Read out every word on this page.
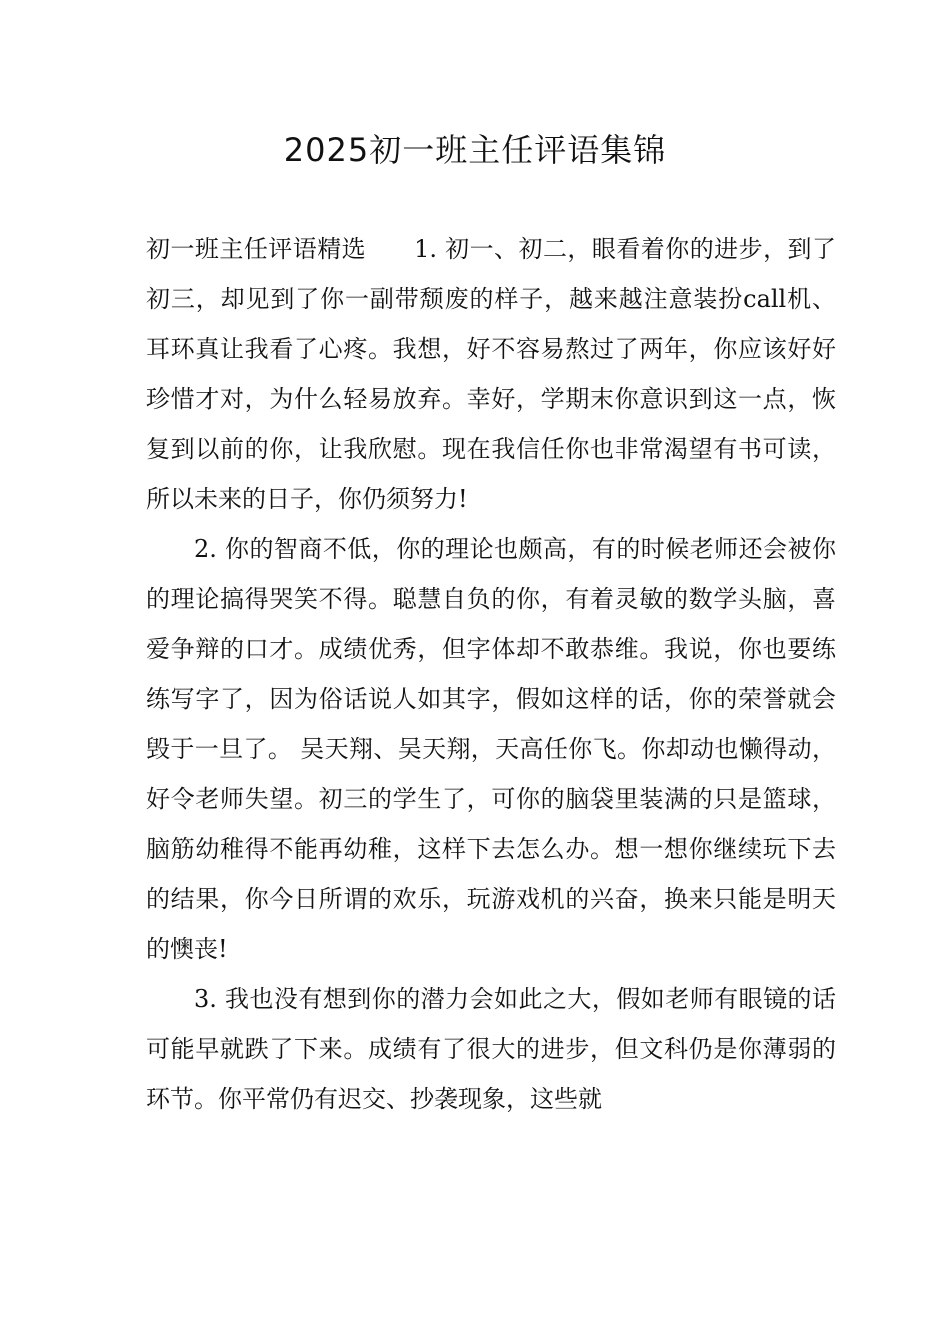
2025初一班主任评语集锦

初一班主任评语精选 1. 初一、初二，眼看着你的进步，到了初三，却见到了你一副带颓废的样子，越来越注意装扮call机、耳环真让我看了心疼。我想，好不容易熬过了两年，你应该好好珍惜才对，为什么轻易放弃。幸好，学期末你意识到这一点，恢复到以前的你，让我欣慰。现在我信任你也非常渴望有书可读，所以未来的日子，你仍须努力!

2. 你的智商不低，你的理论也颇高，有的时候老师还会被你的理论搞得哭笑不得。聪慧自负的你，有着灵敏的数学头脑，喜爱争辩的口才。成绩优秀，但字体却不敢恭维。我说，你也要练练写字了，因为俗话说人如其字，假如这样的话，你的荣誉就会毁于一旦了。 吴天翔、吴天翔，天高任你飞。你却动也懒得动，好令老师失望。初三的学生了，可你的脑袋里装满的只是篮球，脑筋幼稚得不能再幼稚，这样下去怎么办。想一想你继续玩下去的结果，你今日所谓的欢乐，玩游戏机的兴奋，换来只能是明天的懊丧!

3. 我也没有想到你的潜力会如此之大，假如老师有眼镜的话可能早就跌了下来。成绩有了很大的进步，但文科仍是你薄弱的环节。你平常仍有迟交、抄袭现象，这些就
